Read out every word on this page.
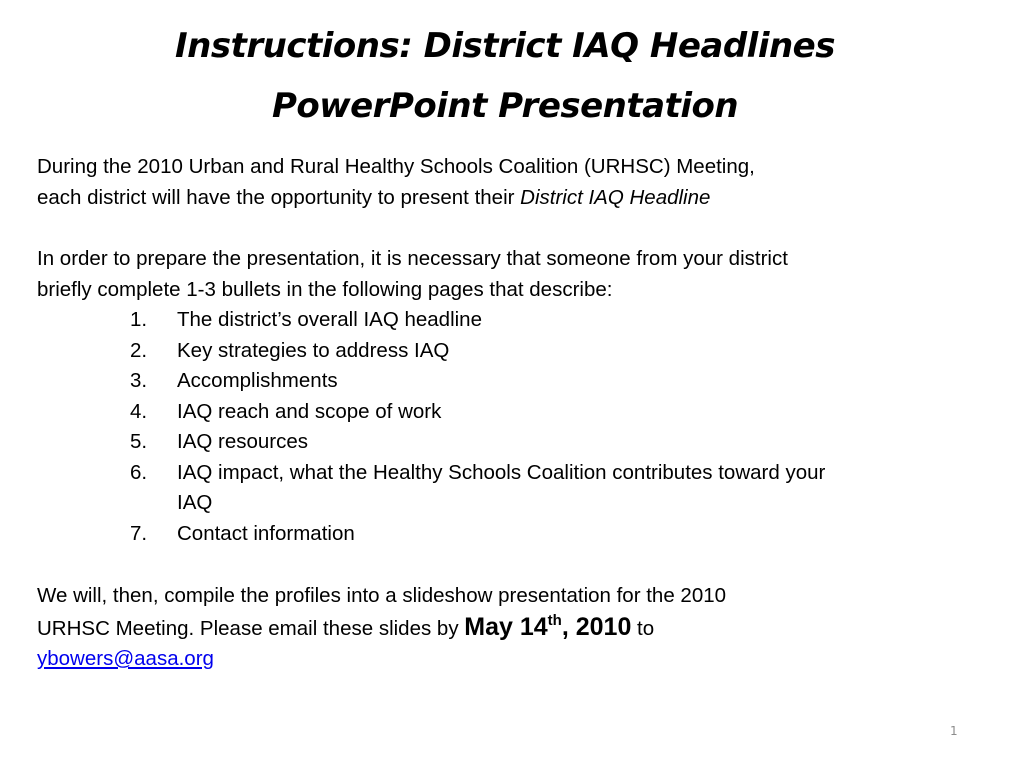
Instructions: District IAQ Headlines
PowerPoint Presentation
During the 2010 Urban and Rural Healthy Schools Coalition (URHSC) Meeting,
each district will have the opportunity to present their District IAQ Headline
In order to prepare the presentation, it is necessary that someone from your district
briefly complete 1-3 bullets in the following pages that describe:
1.	The district’s overall IAQ headline
2.	Key strategies to address IAQ
3.	Accomplishments
4.	IAQ reach and scope of work
5.	IAQ resources
6.	IAQ impact, what the Healthy Schools Coalition contributes toward your
IAQ
7.	Contact information
We will, then, compile the profiles into a slideshow presentation for the 2010
URHSC Meeting. Please email these slides by May 14th, 2010 to
ybowers@aasa.org
1
